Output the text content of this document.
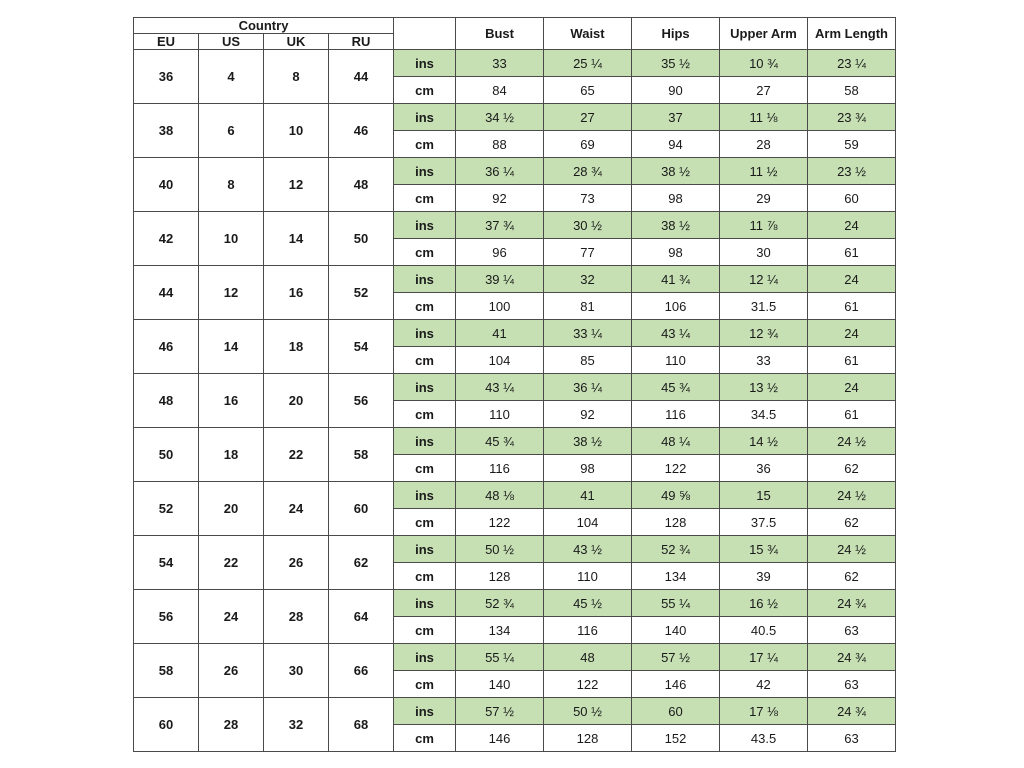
Country					Bust	Waist	Hips	Upper Arm	Arm Length
EU	US	UK	RU						
36	4	8	44	ins	33	25 ¼	35 ½	10 ¾	23 ¼
				cm	84	65	90	27	58
38	6	10	46	ins	34 ½	27	37	11 ⅛	23 ¾
				cm	88	69	94	28	59
40	8	12	48	ins	36 ¼	28 ¾	38 ½	11 ½	23 ½
				cm	92	73	98	29	60
42	10	14	50	ins	37 ¾	30 ½	38 ½	11 ⅞	24
				cm	96	77	98	30	61
44	12	16	52	ins	39 ¼	32	41 ¾	12 ¼	24
				cm	100	81	106	31.5	61
46	14	18	54	ins	41	33 ¼	43 ¼	12 ¾	24
				cm	104	85	110	33	61
48	16	20	56	ins	43 ¼	36 ¼	45 ¾	13 ½	24
				cm	110	92	116	34.5	61
50	18	22	58	ins	45 ¾	38 ½	48 ¼	14 ½	24 ½
				cm	116	98	122	36	62
52	20	24	60	ins	48 ⅛	41	49 ⅝	15	24 ½
				cm	122	104	128	37.5	62
54	22	26	62	ins	50 ½	43 ½	52 ¾	15 ¾	24 ½
				cm	128	110	134	39	62
56	24	28	64	ins	52 ¾	45 ½	55 ¼	16 ½	24 ¾
				cm	134	116	140	40.5	63
58	26	30	66	ins	55 ¼	48	57 ½	17 ¼	24 ¾
				cm	140	122	146	42	63
60	28	32	68	ins	57 ½	50 ½	60	17 ⅛	24 ¾
				cm	146	128	152	43.5	63
